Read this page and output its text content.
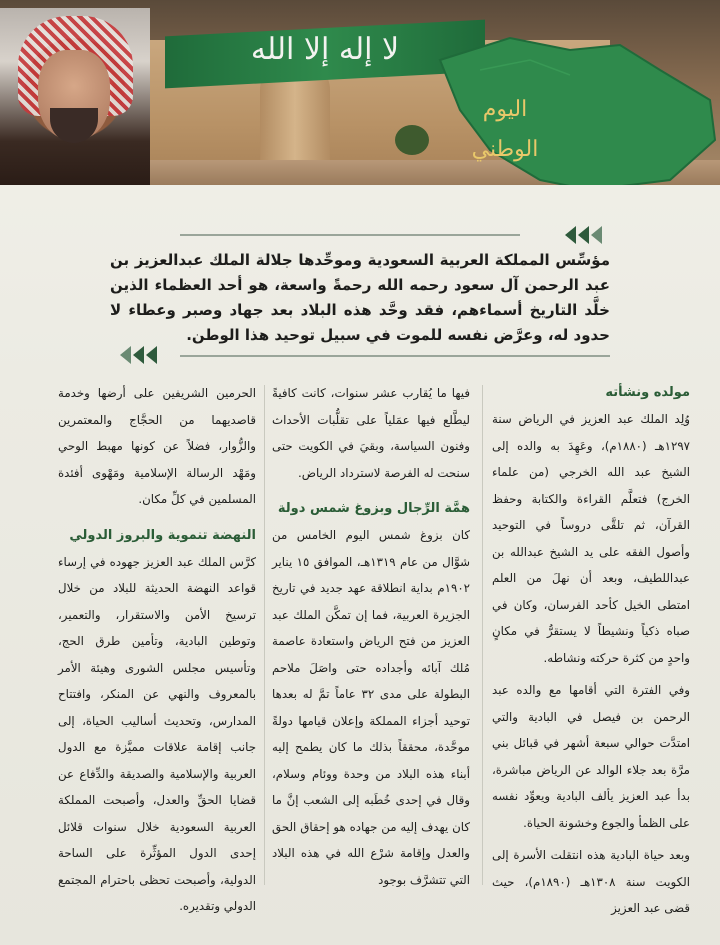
لا إله إلا الله
اليوم الوطني
مؤسِّس المملكة العربية السعودية وموحِّدها جلالة الملك عبدالعزيز بن عبد الرحمن آل سعود رحمه الله رحمةً واسعة، هو أحد العظماء الذين خلَّد التاريخ أسماءهم، فقد وحَّد هذه البلاد بعد جهاد وصبر وعطاء لا حدود له، وعرَّض نفسه للموت في سبيل توحيد هذا الوطن.
مولده ونشأته

وُلِد الملك عبد العزيز في الرياض سنة ١٢٩٧هـ (١٨٨٠م)، وعَهِدَ به والده إلى الشيخ عبد الله الخرجي (من علماء الخرج) فتعلَّم القراءة والكتابة وحفظ القرآن، ثم تلقَّى دروساً في التوحيد وأصول الفقه على يد الشيخ عبدالله بن عبداللطيف، وبعد أن نهلَ من العلم امتطى الخيل كأحد الفرسان، وكان في صباه ذكياً ونشيطاً لا يستقرُّ في مكانٍ واحدٍ من كثرة حركته ونشاطه.

وفي الفترة التي أقامها مع والده عبد الرحمن بن فيصل في البادية والتي امتدَّت حوالي سبعة أشهر في قبائل بني مرَّة بعد جلاء الوالد عن الرياض مباشرة، بدأ عبد العزيز يألف البادية ويعوِّد نفسه على الظمأ والجوع وخشونة الحياة.

وبعد حياة البادية هذه انتقلت الأسرة إلى الكويت سنة ١٣٠٨هـ (١٨٩٠م)، حيث قضى عبد العزيز

فيها ما يُقارب عشر سنوات، كانت كافيةً ليطَّلع فيها عمَلياً على تقلُّبات الأحداث وفنون السياسة، وبقيَ في الكويت حتى سنحت له الفرصة لاسترداد الرياض.

همَّة الرِّجال وبزوغ شمس دولة

كان بزوغ شمس اليوم الخامس من شوَّال من عام ١٣١٩هـ، الموافق ١٥ يناير ١٩٠٢م بداية انطلاقة عهد جديد في تاريخ الجزيرة العربية، فما إن تمكَّن الملك عبد العزيز من فتح الرياض واستعادة عاصمة مُلك آبائه وأجداده حتى واصَلَ ملاحم البطولة على مدى ٣٢ عاماً تمَّ له بعدها توحيد أجزاء المملكة وإعلان قيامها دولةً موحَّدة، محققاً بذلك ما كان يطمح إليه أبناء هذه البلاد من وحدة ووئام وسلام، وقال في إحدى خُطَبه إلى الشعب إنَّ ما كان يهدف إليه من جهاده هو إحقاق الحق والعدل وإقامة شرْع الله في هذه البلاد التي تتشرَّف بوجود

الحرمين الشريفين على أرضها وخدمة قاصديهما من الحجَّاج والمعتمرين والزُّوار، فضلاً عن كونها مهبط الوحي ومَهْد الرسالة الإسلامية ومَهْوى أفئدة المسلمين في كلِّ مكان.

النهضة تنموية والبروز الدولي

كرَّس الملك عبد العزيز جهوده في إرساء قواعد النهضة الحديثة للبلاد من خلال ترسيخ الأمن والاستقرار، والتعمير، وتوطين البادية، وتأمين طرق الحج، وتأسيس مجلس الشورى وهيئة الأمر بالمعروف والنهي عن المنكر، وافتتاح المدارس، وتحديث أساليب الحياة، إلى جانب إقامة علاقات مميَّزة مع الدول العربية والإسلامية والصديقة والدِّفاع عن قضايا الحقِّ والعدل، وأصبحت المملكة العربية السعودية خلال سنوات قلائل إحدى الدول المؤثِّرة على الساحة الدولية، وأصبحت تحظى باحترام المجتمع الدولي وتقديره.
